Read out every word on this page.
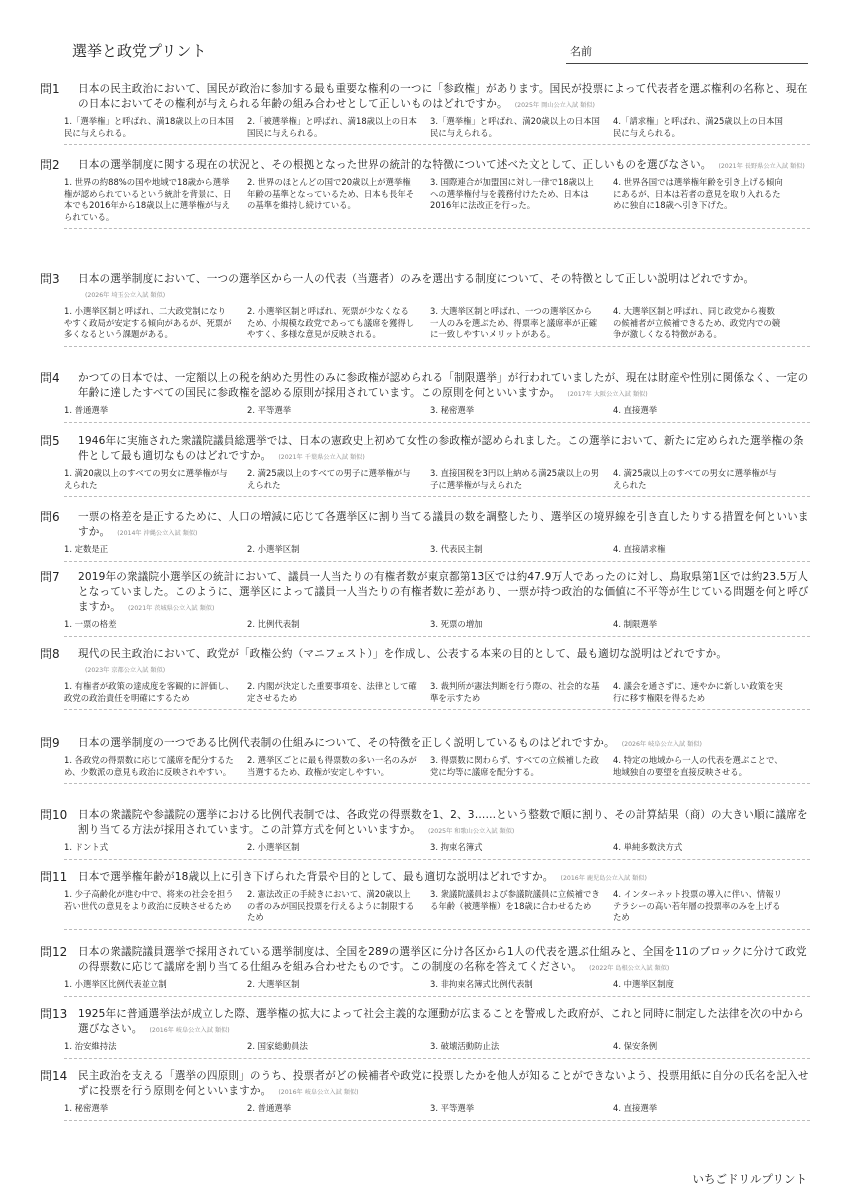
選挙と政党プリント	名前
問1 日本の民主政治において、国民が政治に参加する最も重要な権利の一つに「参政権」があります。国民が投票によって代表者を選ぶ権利の名称と、現在の日本においてその権利が与えられる年齢の組み合わせとして正しいものはどれですか。 (2025年 岡山公立入試 類似)
1.「選挙権」と呼ばれ、満18歳以上の日本国民に与えられる。
2.「被選挙権」と呼ばれ、満18歳以上の日本国民に与えられる。
3.「選挙権」と呼ばれ、満20歳以上の日本国民に与えられる。
4.「請求権」と呼ばれ、満25歳以上の日本国民に与えられる。
問2 日本の選挙制度に関する現在の状況と、その根拠となった世界の統計的な特徴について述べた文として、正しいものを選びなさい。 (2021年 長野県公立入試 類似)
1. 世界の約88%の国や地域で18歳から選挙権が認められているという統計を背景に、日本でも2016年から18歳以上に選挙権が与えられている。
2. 世界のほとんどの国で20歳以上が選挙権年齢の基準となっているため、日本も長年その基準を維持し続けている。
3. 国際連合が加盟国に対し一律で18歳以上への選挙権付与を義務付けたため、日本は2016年に法改正を行った。
4. 世界各国では選挙権年齢を引き上げる傾向にあるが、日本は若者の意見を取り入れるために独自に18歳へ引き下げた。
問3 日本の選挙制度において、一つの選挙区から一人の代表（当選者）のみを選出する制度について、その特徴として正しい説明はどれですか。(2026年 埼玉公立入試 類似)
1. 小選挙区制と呼ばれ、二大政党制になりやすく政局が安定する傾向があるが、死票が多くなるという課題がある。
2. 小選挙区制と呼ばれ、死票が少なくなるため、小規模な政党であっても議席を獲得しやすく、多様な意見が反映される。
3. 大選挙区制と呼ばれ、一つの選挙区から一人のみを選ぶため、得票率と議席率が正確に一致しやすいメリットがある。
4. 大選挙区制と呼ばれ、同じ政党から複数の候補者が立候補できるため、政党内での競争が激しくなる特徴がある。
問4 かつての日本では、一定額以上の税を納めた男性のみに参政権が認められる「制限選挙」が行われていましたが、現在は財産や性別に関係なく、一定の年齢に達したすべての国民に参政権を認める原則が採用されています。この原則を何といいますか。 (2017年 大阪公立入試 類似)
1. 普通選挙	2. 平等選挙	3. 秘密選挙	4. 直接選挙
問5 1946年に実施された衆議院議員総選挙では、日本の憲政史上初めて女性の参政権が認められました。この選挙において、新たに定められた選挙権の条件として最も適切なものはどれですか。 (2021年 千葉県公立入試 類似)
1. 満20歳以上のすべての男女に選挙権が与えられた
2. 満25歳以上のすべての男子に選挙権が与えられた
3. 直接国税を3円以上納める満25歳以上の男子に選挙権が与えられた
4. 満25歳以上のすべての男女に選挙権が与えられた
問6 一票の格差を是正するために、人口の増減に応じて各選挙区に割り当てる議員の数を調整したり、選挙区の境界線を引き直したりする措置を何といいますか。 (2014年 沖縄公立入試 類似)
1. 定数是正	2. 小選挙区制	3. 代表民主制	4. 直接請求権
問7 2019年の衆議院小選挙区の統計において、議員一人当たりの有権者数が東京都第13区では約47.9万人であったのに対し、鳥取県第1区では約23.5万人となっていました。このように、選挙区によって議員一人当たりの有権者数に差があり、一票が持つ政治的な価値に不平等が生じている問題を何と呼びますか。 (2021年 茨城県公立入試 類似)
1. 一票の格差	2. 比例代表制	3. 死票の増加	4. 制限選挙
問8 現代の民主政治において、政党が「政権公約（マニフェスト）」を作成し、公表する本来の目的として、最も適切な説明はどれですか。(2023年 京都公立入試 類似)
1. 有権者が政策の達成度を客観的に評価し、政党の政治責任を明確にするため
2. 内閣が決定した重要事項を、法律として確定させるため
3. 裁判所が憲法判断を行う際の、社会的な基準を示すため
4. 議会を通さずに、速やかに新しい政策を実行に移す権限を得るため
問9 日本の選挙制度の一つである比例代表制の仕組みについて、その特徴を正しく説明しているものはどれですか。 (2026年 岐阜公立入試 類似)
1. 各政党の得票数に応じて議席を配分するため、少数派の意見も政治に反映されやすい。
2. 選挙区ごとに最も得票数の多い一名のみが当選するため、政権が安定しやすい。
3. 得票数に関わらず、すべての立候補した政党に均等に議席を配分する。
4. 特定の地域から一人の代表を選ぶことで、地域独自の要望を直接反映させる。
問10 日本の衆議院や参議院の選挙における比例代表制では、各政党の得票数を1、2、3……という整数で順に割り、その計算結果（商）の大きい順に議席を割り当てる方法が採用されています。この計算方式を何といいますか。 (2025年 和歌山公立入試 類似)
1. ドント式	2. 小選挙区制	3. 拘束名簿式	4. 単純多数決方式
問11 日本で選挙権年齢が18歳以上に引き下げられた背景や目的として、最も適切な説明はどれですか。 (2016年 鹿児島公立入試 類似)
1. 少子高齢化が進む中で、将来の社会を担う若い世代の意見をより政治に反映させるため
2. 憲法改正の手続きにおいて、満20歳以上の者のみが国民投票を行えるように制限するため
3. 衆議院議員および参議院議員に立候補できる年齢（被選挙権）を18歳に合わせるため
4. インターネット投票の導入に伴い、情報リテラシーの高い若年層の投票率のみを上げるため
問12 日本の衆議院議員選挙で採用されている選挙制度は、全国を289の選挙区に分け各区から1人の代表を選ぶ仕組みと、全国を11のブロックに分けて政党の得票数に応じて議席を割り当てる仕組みを組み合わせたものです。この制度の名称を答えてください。 (2022年 島根公立入試 類似)
1. 小選挙区比例代表並立制	2. 大選挙区制	3. 非拘束名簿式比例代表制	4. 中選挙区制度
問13 1925年に普通選挙法が成立した際、選挙権の拡大によって社会主義的な運動が広まることを警戒した政府が、これと同時に制定した法律を次の中から選びなさい。 (2016年 岐阜公立入試 類似)
1. 治安維持法	2. 国家総動員法	3. 破壊活動防止法	4. 保安条例
問14 民主政治を支える「選挙の四原則」のうち、投票者がどの候補者や政党に投票したかを他人が知ることができないよう、投票用紙に自分の氏名を記入せずに投票を行う原則を何といいますか。 (2016年 岐阜公立入試 類似)
1. 秘密選挙	2. 普通選挙	3. 平等選挙	4. 直接選挙
いちごドリルプリント
